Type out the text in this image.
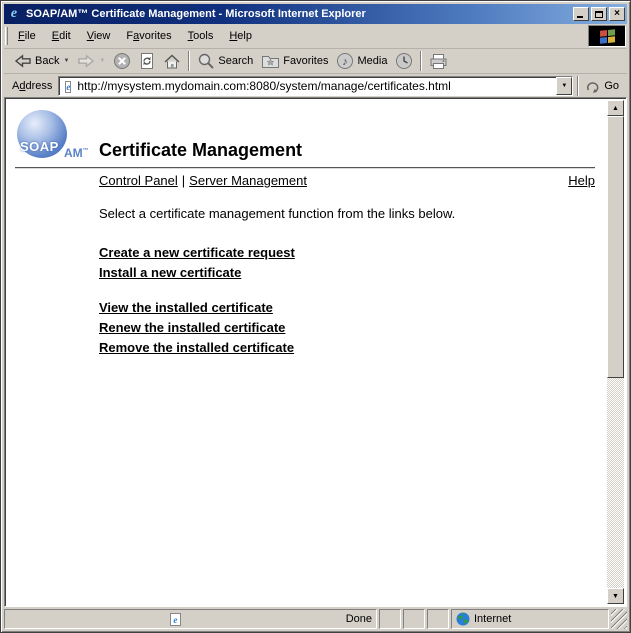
e SOAP/AM™ Certificate Management - Microsoft Internet Explorer	×
File	Edit	View	Favorites	Tools	Help
Back ▼	▼	Search	Favorites ♪ Media
Address	e
http://mysystem.mydomain.com:8080/system/manage/certificates.html	▼	Go
SOAP AM™ Certificate Management
Control Panel | Server Management	Help
Select a certificate management function from the links below.
Create a new certificate request
Install a new certificate
View the installed certificate
Renew the installed certificate
Remove the installed certificate
▲
▼
e	Done	Internet
